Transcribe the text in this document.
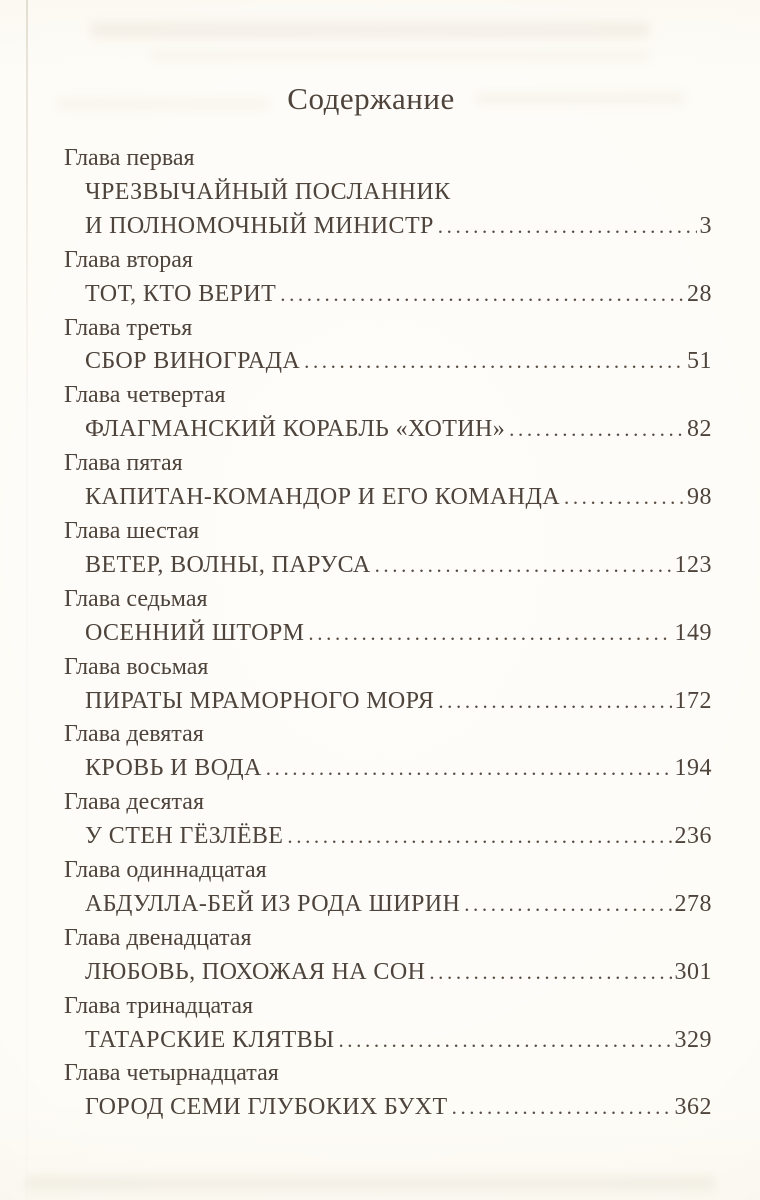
Содержание
Глава первая
ЧРЕЗВЫЧАЙНЫЙ ПОСЛАННИК
И ПОЛНОМОЧНЫЙ МИНИСТР .....	3
Глава вторая
ТОТ, КТО ВЕРИТ .....	28
Глава третья
СБОР ВИНОГРАДА .....	51
Глава четвертая
ФЛАГМАНСКИЙ КОРАБЛЬ «ХОТИН» .....	82
Глава пятая
КАПИТАН-КОМАНДОР И ЕГО КОМАНДА .....	98
Глава шестая
ВЕТЕР, ВОЛНЫ, ПАРУСА .....	123
Глава седьмая
ОСЕННИЙ ШТОРМ .....	149
Глава восьмая
ПИРАТЫ МРАМОРНОГО МОРЯ .....	172
Глава девятая
КРОВЬ И ВОДА .....	194
Глава десятая
У СТЕН ГЁЗЛЁВЕ .....	236
Глава одиннадцатая
АБДУЛЛА-БЕЙ ИЗ РОДА ШИРИН .....	278
Глава двенадцатая
ЛЮБОВЬ, ПОХОЖАЯ НА СОН .....	301
Глава тринадцатая
ТАТАРСКИЕ КЛЯТВЫ .....	329
Глава четырнадцатая
ГОРОД СЕМИ ГЛУБОКИХ БУХТ .....	362
